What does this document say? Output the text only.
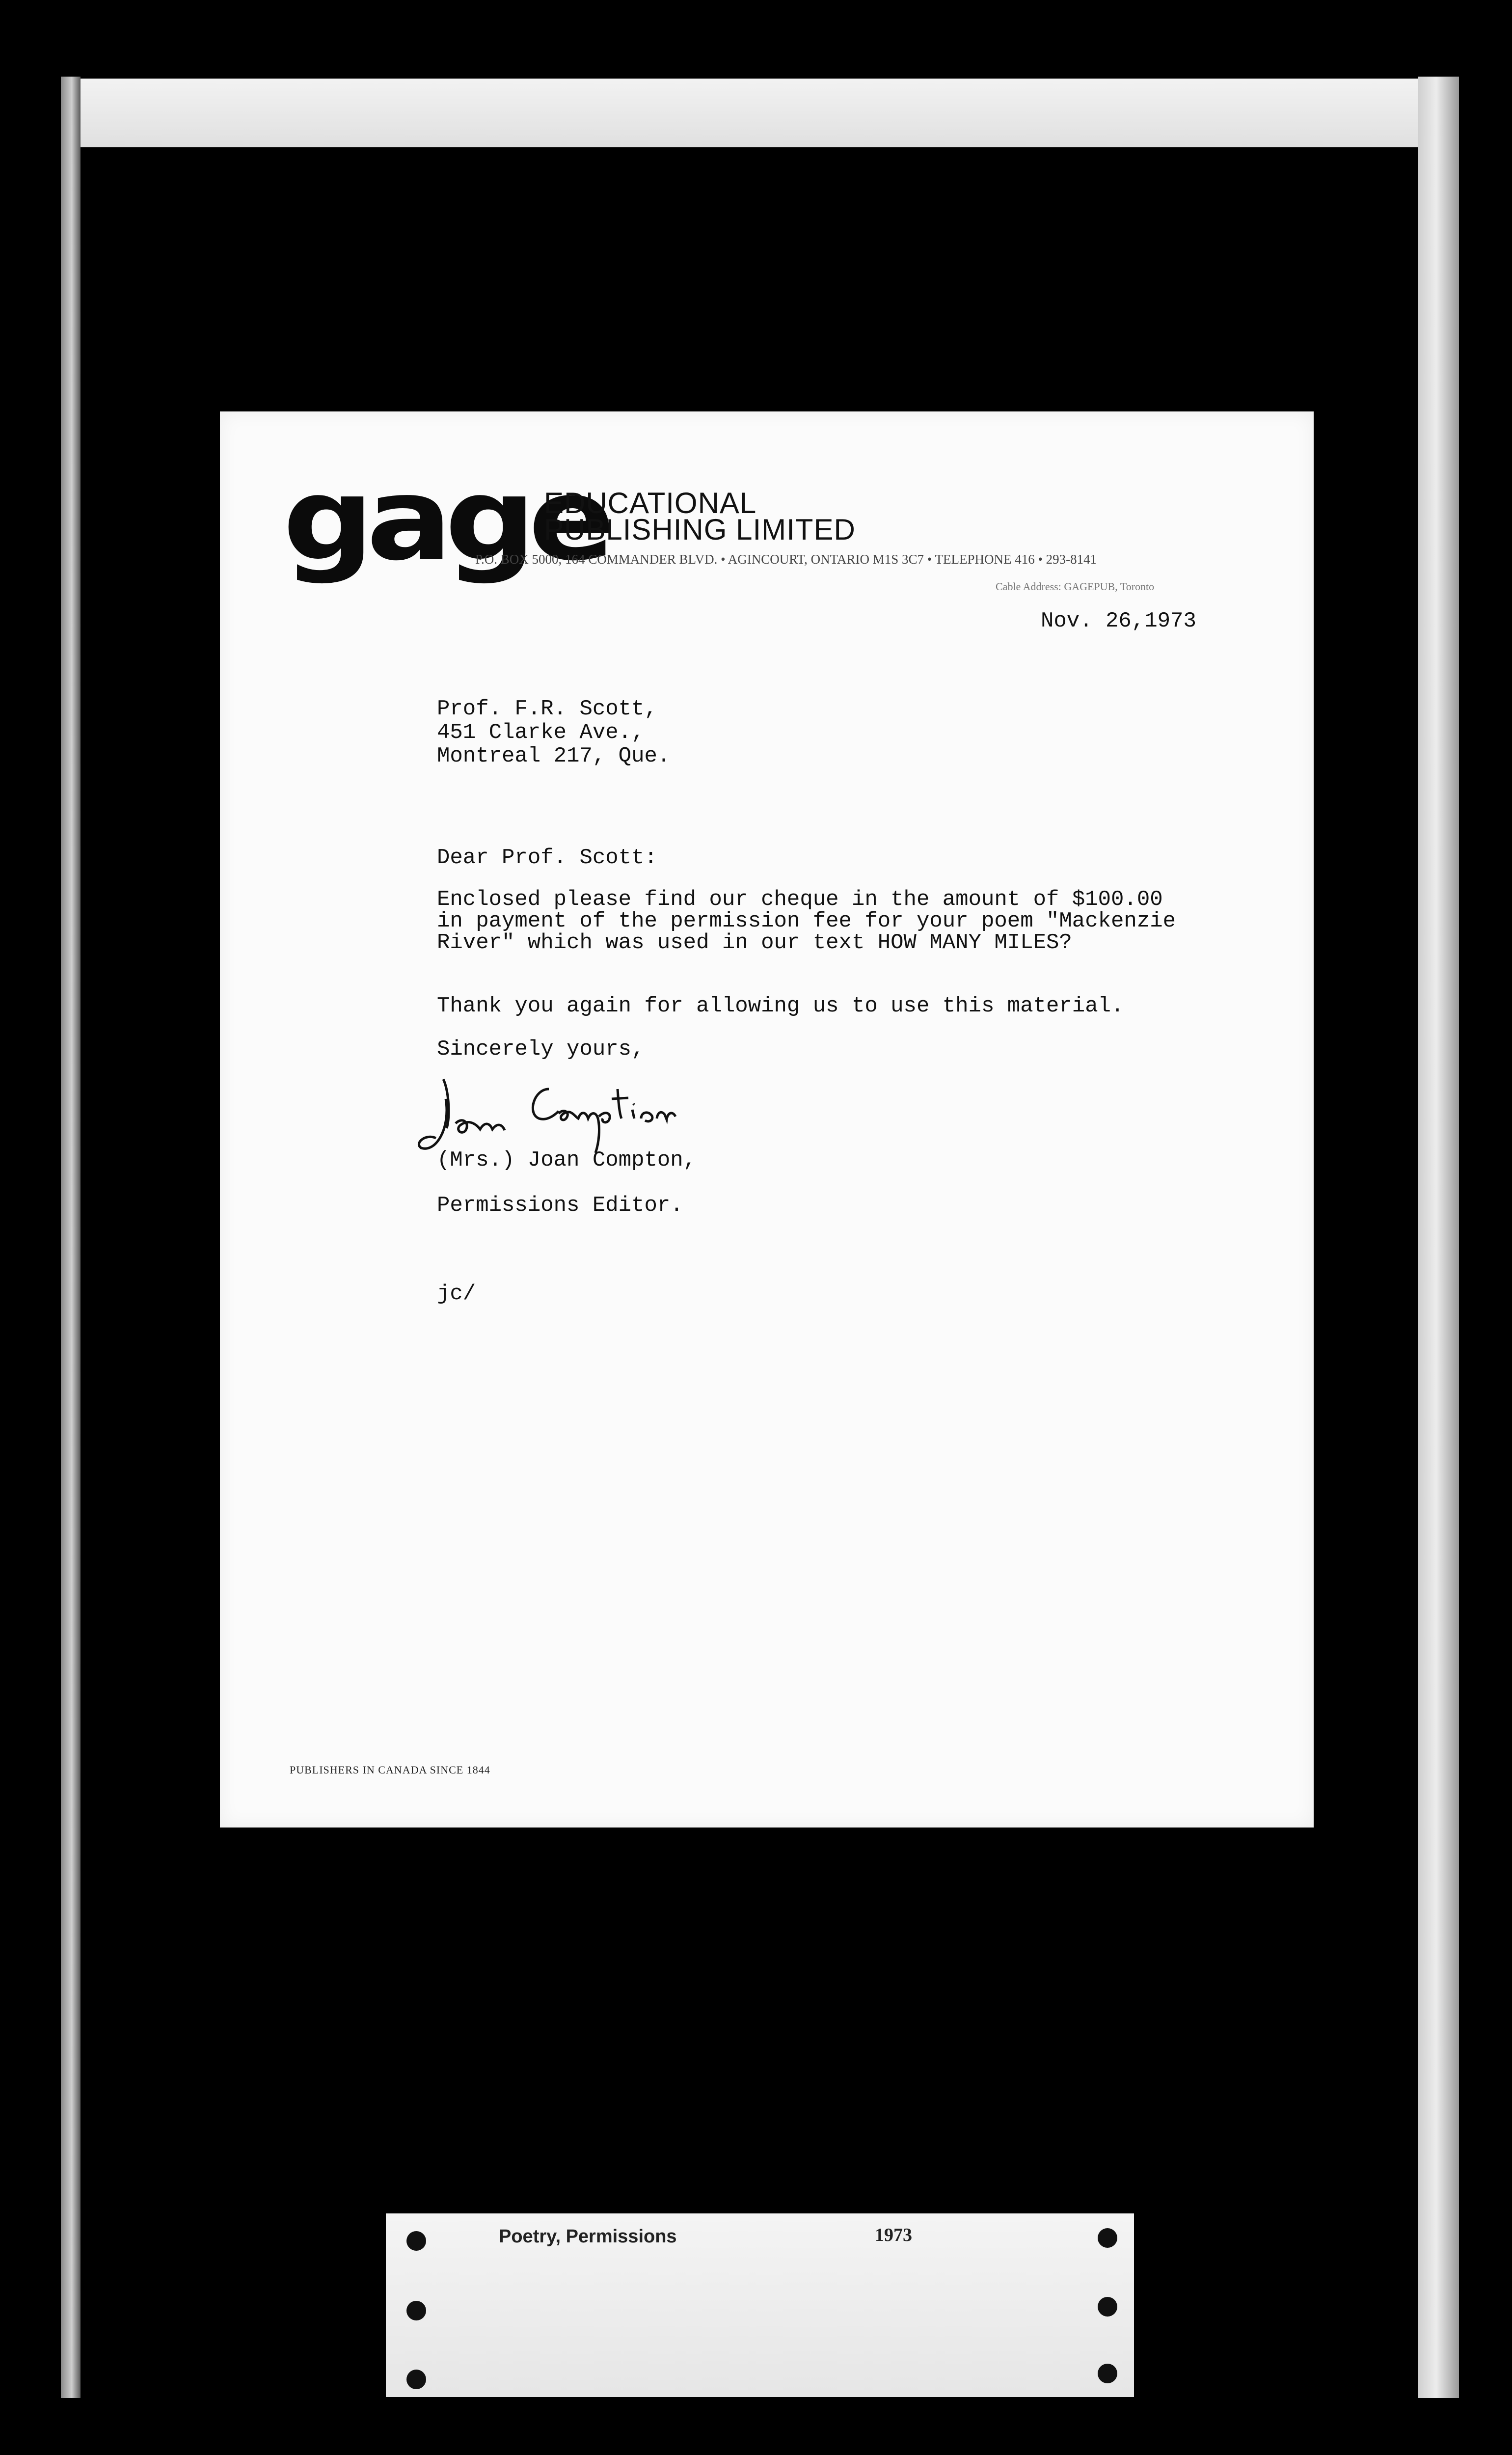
gage
EDUCATIONAL
PUBLISHING LIMITED
P.O. BOX 5000, 164 COMMANDER BLVD. • AGINCOURT, ONTARIO M1S 3C7 • TELEPHONE 416 • 293-8141
Cable Address: GAGEPUB, Toronto
Nov. 26,1973
Prof. F.R. Scott,
451 Clarke Ave.,
Montreal 217, Que.
Dear Prof. Scott:
Enclosed please find our cheque in the amount of $100.00
in payment of the permission fee for your poem "Mackenzie
River" which was used in our text HOW MANY MILES?
Thank you again for allowing us to use this material.
Sincerely yours,
(Mrs.) Joan Compton,
Permissions Editor.
jc/
PUBLISHERS IN CANADA SINCE 1844
Poetry, Permissions	1973
